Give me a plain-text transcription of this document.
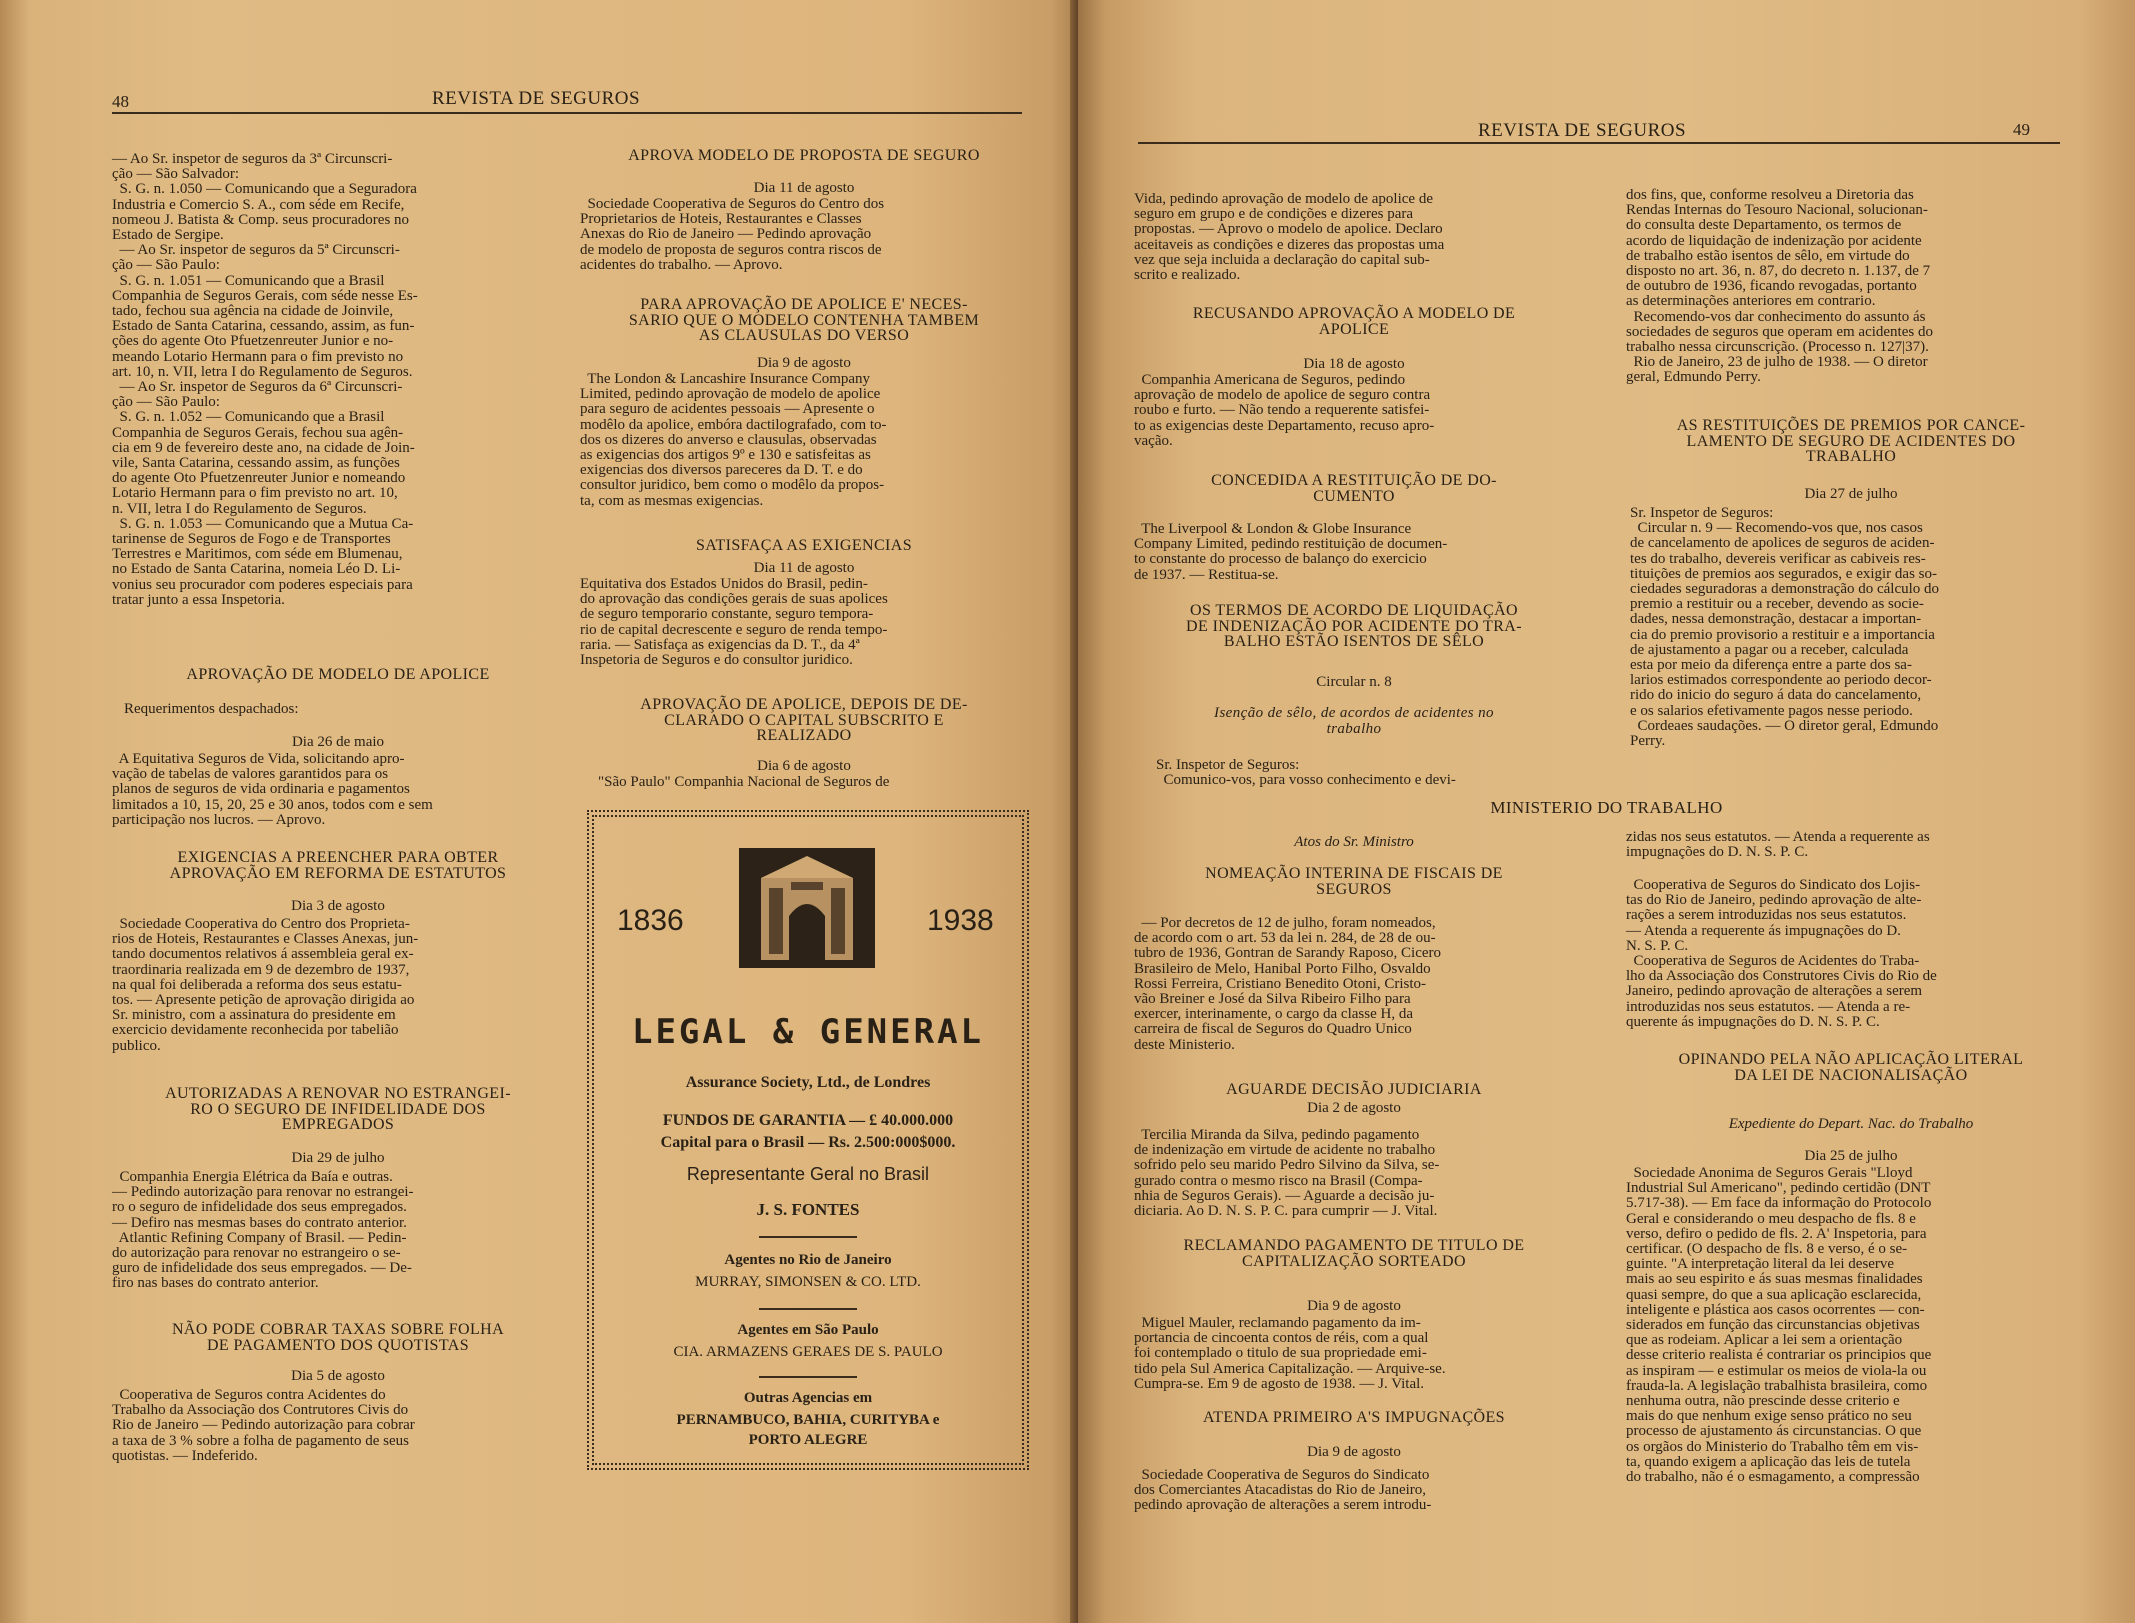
48	REVISTA DE SEGUROS
— Ao Sr. inspetor de seguros da 3ª Circunscri-
ção — São Salvador:
S. G. n. 1.050 — Comunicando que a Seguradora
Industria e Comercio S. A., com séde em Recife,
nomeou J. Batista & Comp. seus procuradores no
Estado de Sergipe.
— Ao Sr. inspetor de seguros da 5ª Circunscri-
ção — São Paulo:
S. G. n. 1.051 — Comunicando que a Brasil
Companhia de Seguros Gerais, com séde nesse Es-
tado, fechou sua agência na cidade de Joinvile,
Estado de Santa Catarina, cessando, assim, as fun-
ções do agente Oto Pfuetzenreuter Junior e no-
meando Lotario Hermann para o fim previsto no
art. 10, n. VII, letra I do Regulamento de Seguros.
— Ao Sr. inspetor de Seguros da 6ª Circunscri-
ção — São Paulo:
S. G. n. 1.052 — Comunicando que a Brasil
Companhia de Seguros Gerais, fechou sua agên-
cia em 9 de fevereiro deste ano, na cidade de Join-
vile, Santa Catarina, cessando assim, as funções
do agente Oto Pfuetzenreuter Junior e nomeando
Lotario Hermann para o fim previsto no art. 10,
n. VII, letra I do Regulamento de Seguros.
S. G. n. 1.053 — Comunicando que a Mutua Ca-
tarinense de Seguros de Fogo e de Transportes
Terrestres e Maritimos, com séde em Blumenau,
no Estado de Santa Catarina, nomeia Léo D. Li-
vonius seu procurador com poderes especiais para
tratar junto a essa Inspetoria.
APROVAÇÃO DE MODELO DE APOLICE
Requerimentos despachados:
Dia 26 de maio
A Equitativa Seguros de Vida, solicitando apro-
vação de tabelas de valores garantidos para os
planos de seguros de vida ordinaria e pagamentos
limitados a 10, 15, 20, 25 e 30 anos, todos com e sem
participação nos lucros. — Aprovo.
EXIGENCIAS A PREENCHER PARA OBTER
APROVAÇÃO EM REFORMA DE ESTATUTOS
Dia 3 de agosto
Sociedade Cooperativa do Centro dos Proprieta-
rios de Hoteis, Restaurantes e Classes Anexas, jun-
tando documentos relativos á assembleia geral ex-
traordinaria realizada em 9 de dezembro de 1937,
na qual foi deliberada a reforma dos seus estatu-
tos. — Apresente petição de aprovação dirigida ao
Sr. ministro, com a assinatura do presidente em
exercicio devidamente reconhecida por tabelião
publico.
AUTORIZADAS A RENOVAR NO ESTRANGEI-
RO O SEGURO DE INFIDELIDADE DOS
EMPREGADOS
Dia 29 de julho
Companhia Energia Elétrica da Baía e outras.
— Pedindo autorização para renovar no estrangei-
ro o seguro de infidelidade dos seus empregados.
— Defiro nas mesmas bases do contrato anterior.
Atlantic Refining Company of Brasil. — Pedin-
do autorização para renovar no estrangeiro o se-
guro de infidelidade dos seus empregados. — De-
firo nas bases do contrato anterior.
NÃO PODE COBRAR TAXAS SOBRE FOLHA
DE PAGAMENTO DOS QUOTISTAS
Dia 5 de agosto
Cooperativa de Seguros contra Acidentes do
Trabalho da Associação dos Contrutores Civis do
Rio de Janeiro — Pedindo autorização para cobrar
a taxa de 3 % sobre a folha de pagamento de seus
quotistas. — Indeferido.
APROVA MODELO DE PROPOSTA DE SEGURO
Dia 11 de agosto
Sociedade Cooperativa de Seguros do Centro dos
Proprietarios de Hoteis, Restaurantes e Classes
Anexas do Rio de Janeiro — Pedindo aprovação
de modelo de proposta de seguros contra riscos de
acidentes do trabalho. — Aprovo.
PARA APROVAÇÃO DE APOLICE E' NECES-
SARIO QUE O MODELO CONTENHA TAMBEM
AS CLAUSULAS DO VERSO
Dia 9 de agosto
The London & Lancashire Insurance Company
Limited, pedindo aprovação de modelo de apolice
para seguro de acidentes pessoais — Apresente o
modêlo da apolice, embóra dactilografado, com to-
dos os dizeres do anverso e clausulas, observadas
as exigencias dos artigos 9º e 130 e satisfeitas as
exigencias dos diversos pareceres da D. T. e do
consultor juridico, bem como o modêlo da propos-
ta, com as mesmas exigencias.
SATISFAÇA AS EXIGENCIAS
Dia 11 de agosto
Equitativa dos Estados Unidos do Brasil, pedin-
do aprovação das condições gerais de suas apolices
de seguro temporario constante, seguro tempora-
rio de capital decrescente e seguro de renda tempo-
raria. — Satisfaça as exigencias da D. T., da 4ª
Inspetoria de Seguros e do consultor juridico.
APROVAÇÃO DE APOLICE, DEPOIS DE DE-
CLARADO O CAPITAL SUBSCRITO E
REALIZADO
Dia 6 de agosto
"São Paulo" Companhia Nacional de Seguros de
1836	1938
LEGAL & GENERAL
Assurance Society, Ltd., de Londres
FUNDOS DE GARANTIA — £ 40.000.000
Capital para o Brasil — Rs. 2.500:000$000.
Representante Geral no Brasil
J. S. FONTES
Agentes no Rio de Janeiro
MURRAY, SIMONSEN & CO. LTD.
Agentes em São Paulo
CIA. ARMAZENS GERAES DE S. PAULO
Outras Agencias em
PERNAMBUCO, BAHIA, CURITYBA e
PORTO ALEGRE
REVISTA DE SEGUROS	49
Vida, pedindo aprovação de modelo de apolice de
seguro em grupo e de condições e dizeres para
propostas. — Aprovo o modelo de apolice. Declaro
aceitaveis as condições e dizeres das propostas uma
vez que seja incluida a declaração do capital sub-
scrito e realizado.
RECUSANDO APROVAÇÃO A MODELO DE
APOLICE
Dia 18 de agosto
Companhia Americana de Seguros, pedindo
aprovação de modelo de apolice de seguro contra
roubo e furto. — Não tendo a requerente satisfei-
to as exigencias deste Departamento, recuso apro-
vação.
CONCEDIDA A RESTITUIÇÃO DE DO-
CUMENTO
The Liverpool & London & Globe Insurance
Company Limited, pedindo restituição de documen-
to constante do processo de balanço do exercicio
de 1937. — Restitua-se.
OS TERMOS DE ACORDO DE LIQUIDAÇÃO
DE INDENIZAÇÃO POR ACIDENTE DO TRA-
BALHO ESTÃO ISENTOS DE SÊLO
Circular n. 8
Isenção de sêlo, de acordos de acidentes no
trabalho
Sr. Inspetor de Seguros:
Comunico-vos, para vosso conhecimento e devi-
dos fins, que, conforme resolveu a Diretoria das
Rendas Internas do Tesouro Nacional, solucionan-
do consulta deste Departamento, os termos de
acordo de liquidação de indenização por acidente
de trabalho estão isentos de sêlo, em virtude do
disposto no art. 36, n. 87, do decreto n. 1.137, de 7
de outubro de 1936, ficando revogadas, portanto
as determinações anteriores em contrario.
Recomendo-vos dar conhecimento do assunto ás
sociedades de seguros que operam em acidentes do
trabalho nessa circunscrição. (Processo n. 127|37).
Rio de Janeiro, 23 de julho de 1938. — O diretor
geral, Edmundo Perry.
AS RESTITUIÇÕES DE PREMIOS POR CANCE-
LAMENTO DE SEGURO DE ACIDENTES DO
TRABALHO
Dia 27 de julho
Sr. Inspetor de Seguros:
Circular n. 9 — Recomendo-vos que, nos casos
de cancelamento de apolices de seguros de aciden-
tes do trabalho, devereis verificar as cabiveis res-
tituições de premios aos segurados, e exigir das so-
ciedades seguradoras a demonstração do cálculo do
premio a restituir ou a receber, devendo as socie-
dades, nessa demonstração, destacar a importan-
cia do premio provisorio a restituir e a importancia
de ajustamento a pagar ou a receber, calculada
esta por meio da diferença entre a parte dos sa-
larios estimados correspondente ao periodo decor-
rido do inicio do seguro á data do cancelamento,
e os salarios efetivamente pagos nesse periodo.
Cordeaes saudações. — O diretor geral, Edmundo
Perry.
MINISTERIO DO TRABALHO
Atos do Sr. Ministro
NOMEAÇÃO INTERINA DE FISCAIS DE
SEGUROS
— Por decretos de 12 de julho, foram nomeados,
de acordo com o art. 53 da lei n. 284, de 28 de ou-
tubro de 1936, Gontran de Sarandy Raposo, Cicero
Brasileiro de Melo, Hanibal Porto Filho, Osvaldo
Rossi Ferreira, Cristiano Benedito Otoni, Cristo-
vão Breiner e José da Silva Ribeiro Filho para
exercer, interinamente, o cargo da classe H, da
carreira de fiscal de Seguros do Quadro Unico
deste Ministerio.
AGUARDE DECISÃO JUDICIARIA
Dia 2 de agosto
Tercilia Miranda da Silva, pedindo pagamento
de indenização em virtude de acidente no trabalho
sofrido pelo seu marido Pedro Silvino da Silva, se-
gurado contra o mesmo risco na Brasil (Compa-
nhia de Seguros Gerais). — Aguarde a decisão ju-
diciaria. Ao D. N. S. P. C. para cumprir — J. Vital.
RECLAMANDO PAGAMENTO DE TITULO DE
CAPITALIZAÇÃO SORTEADO
Dia 9 de agosto
Miguel Mauler, reclamando pagamento da im-
portancia de cincoenta contos de réis, com a qual
foi contemplado o titulo de sua propriedade emi-
tido pela Sul America Capitalização. — Arquive-se.
Cumpra-se. Em 9 de agosto de 1938. — J. Vital.
ATENDA PRIMEIRO A'S IMPUGNAÇÕES
Dia 9 de agosto
Sociedade Cooperativa de Seguros do Sindicato
dos Comerciantes Atacadistas do Rio de Janeiro,
pedindo aprovação de alterações a serem introdu-
zidas nos seus estatutos. — Atenda a requerente as
impugnações do D. N. S. P. C.
Cooperativa de Seguros do Sindicato dos Lojis-
tas do Rio de Janeiro, pedindo aprovação de alte-
rações a serem introduzidas nos seus estatutos.
— Atenda a requerente ás impugnações do D.
N. S. P. C.
Cooperativa de Seguros de Acidentes do Traba-
lho da Associação dos Construtores Civis do Rio de
Janeiro, pedindo aprovação de alterações a serem
introduzidas nos seus estatutos. — Atenda a re-
querente ás impugnações do D. N. S. P. C.
OPINANDO PELA NÃO APLICAÇÃO LITERAL
DA LEI DE NACIONALISAÇÃO
Expediente do Depart. Nac. do Trabalho
Dia 25 de julho
Sociedade Anonima de Seguros Gerais "Lloyd
Industrial Sul Americano", pedindo certidão (DNT
5.717-38). — Em face da informação do Protocolo
Geral e considerando o meu despacho de fls. 8 e
verso, defiro o pedido de fls. 2. A' Inspetoria, para
certificar. (O despacho de fls. 8 e verso, é o se-
guinte. "A interpretação literal da lei deserve
mais ao seu espirito e ás suas mesmas finalidades
quasi sempre, do que a sua aplicação esclarecida,
inteligente e plástica aos casos ocorrentes — con-
siderados em função das circunstancias objetivas
que as rodeiam. Aplicar a lei sem a orientação
desse criterio realista é contrariar os principios que
as inspiram — e estimular os meios de viola-la ou
frauda-la. A legislação trabalhista brasileira, como
nenhuma outra, não prescinde desse criterio e
mais do que nenhum exige senso prático no seu
processo de ajustamento ás circunstancias. O que
os orgãos do Ministerio do Trabalho têm em vis-
ta, quando exigem a aplicação das leis de tutela
do trabalho, não é o esmagamento, a compressão
